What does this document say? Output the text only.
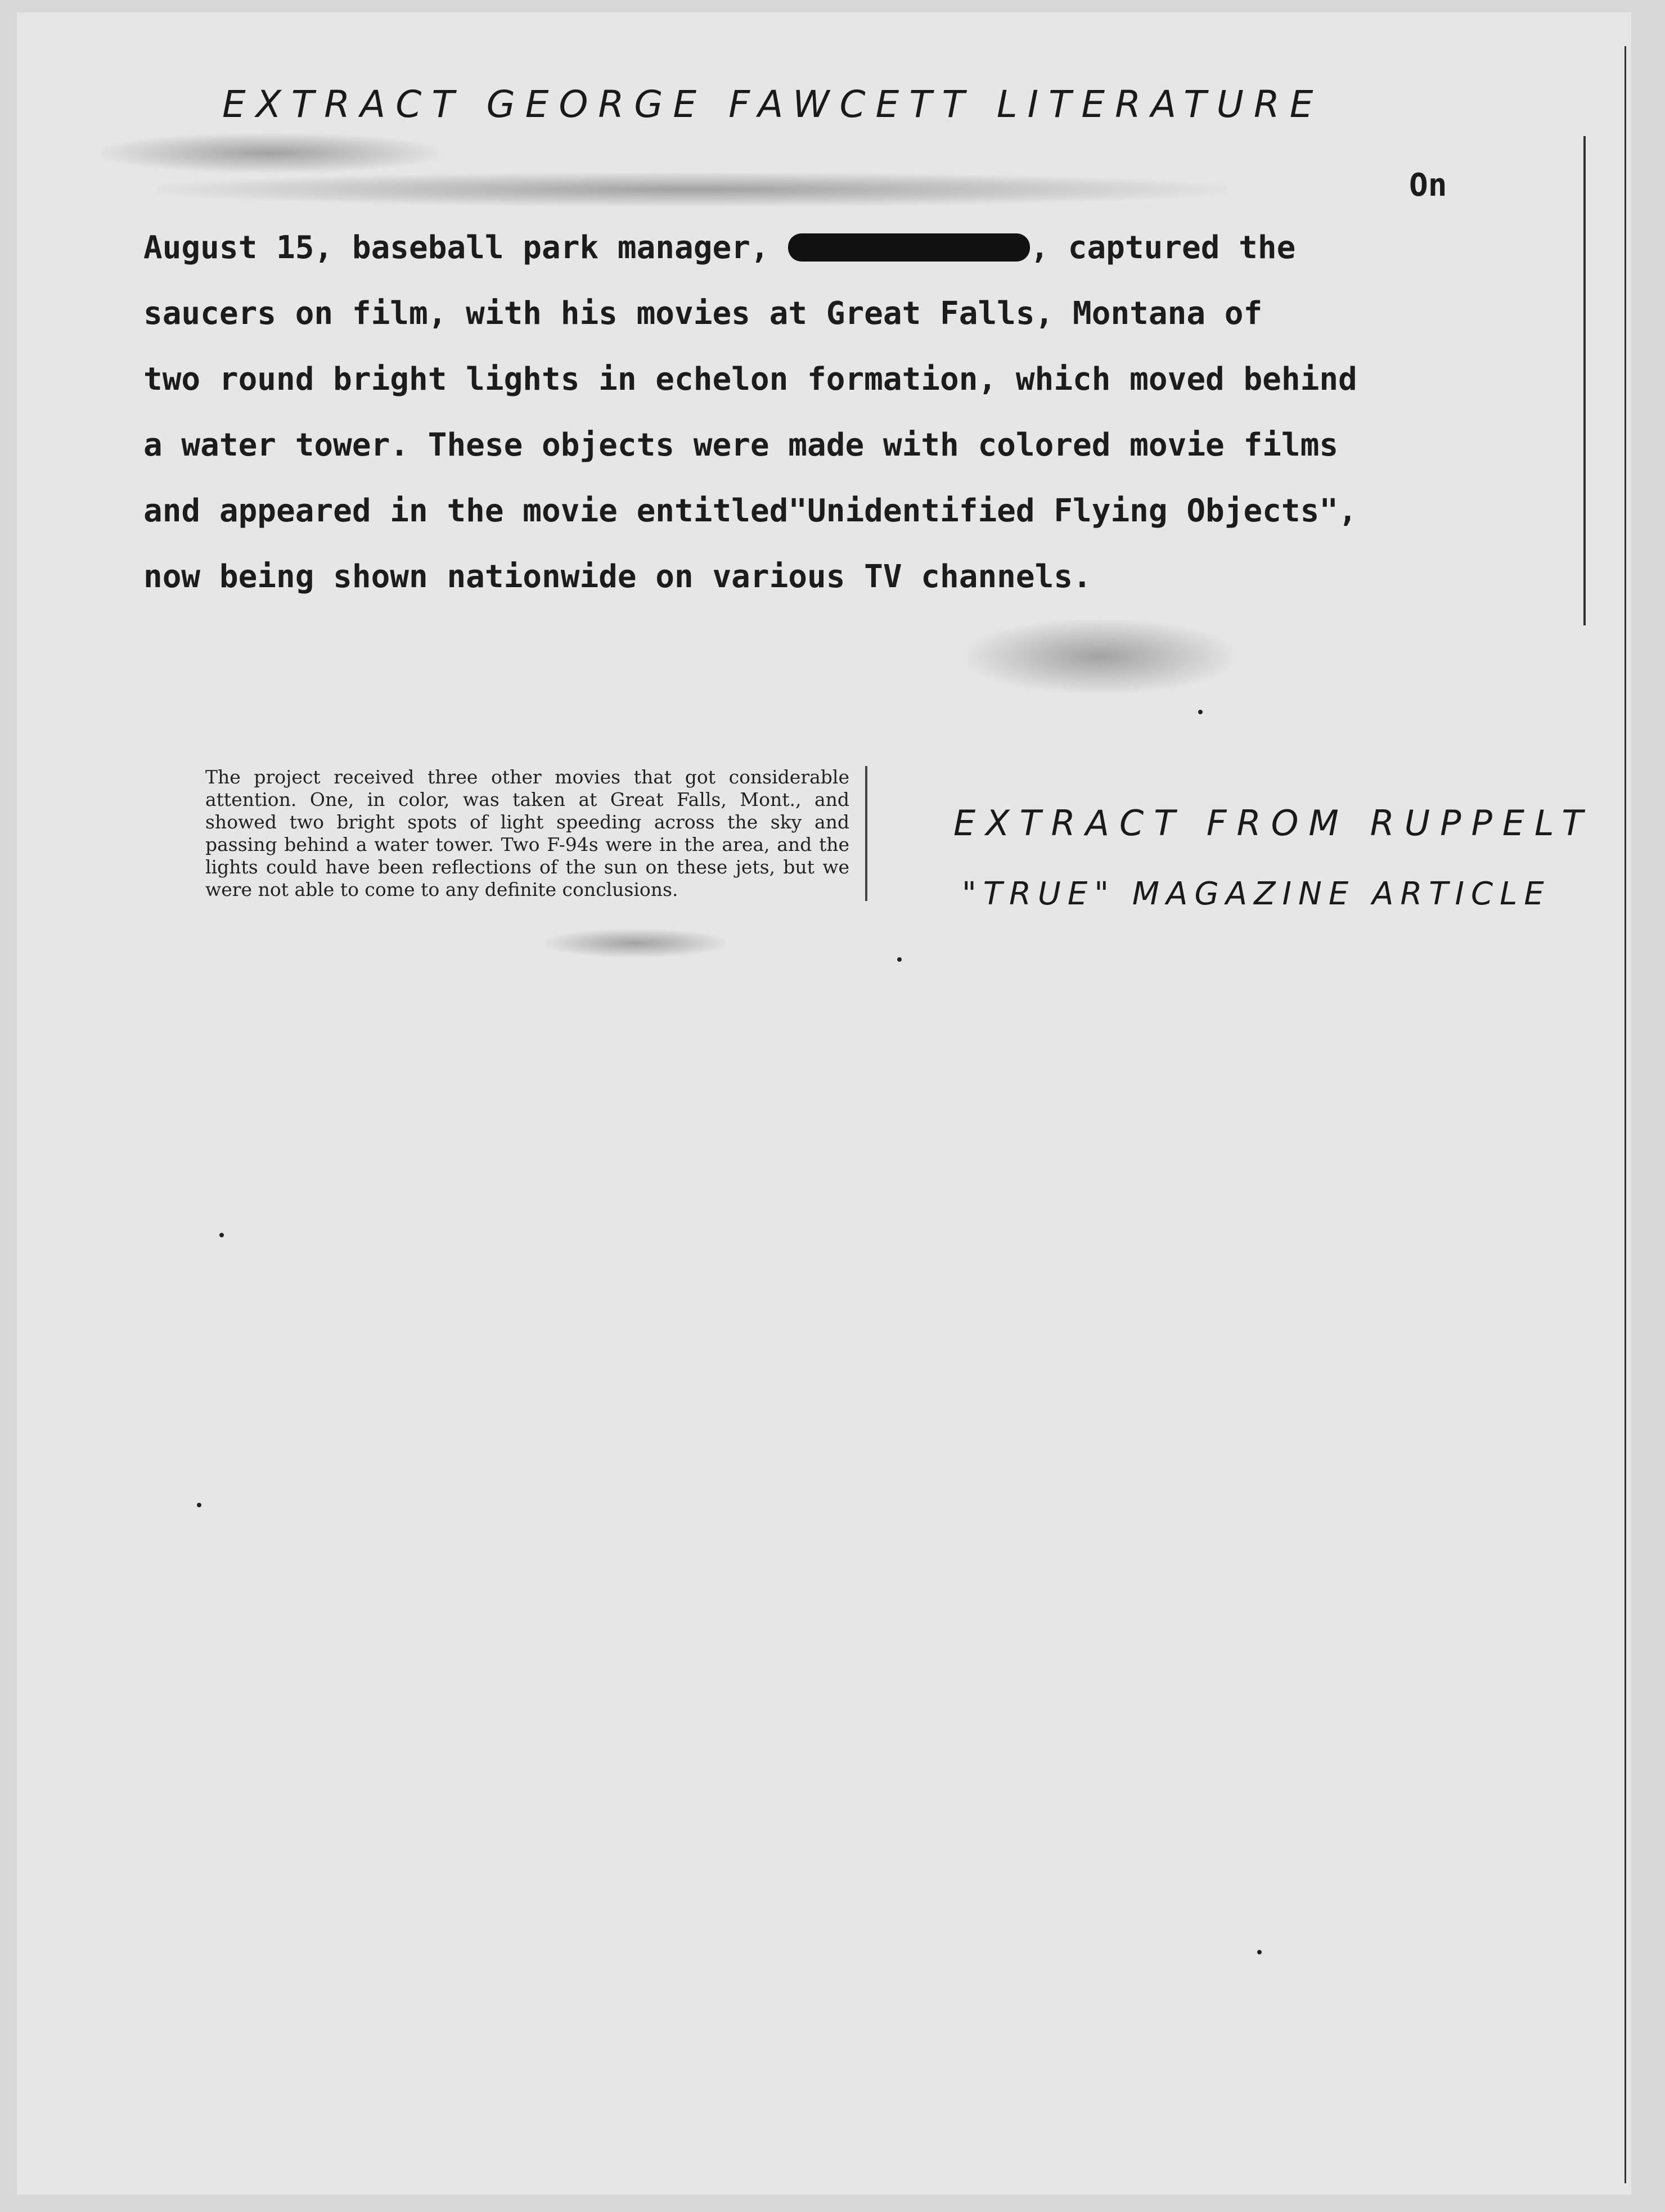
EXTRACT GEORGE FAWCETT LITERATURE
On
August 15, baseball park manager,	, captured the
saucers on film, with his movies at Great Falls, Montana of
two round bright lights in echelon formation, which moved behind
a water tower. These objects were made with colored movie films
and appeared in the movie entitled"Unidentified Flying Objects",
now being shown nationwide on various TV channels.
The project received three other movies that got considerable attention. One, in color, was taken at Great Falls, Mont., and showed two bright spots of light speeding across the sky and passing behind a water tower. Two F-94s were in the area, and the lights could have been reflections of the sun on these jets, but we were not able to come to any definite conclusions.
EXTRACT FROM RUPPELT
"TRUE" MAGAZINE ARTICLE
